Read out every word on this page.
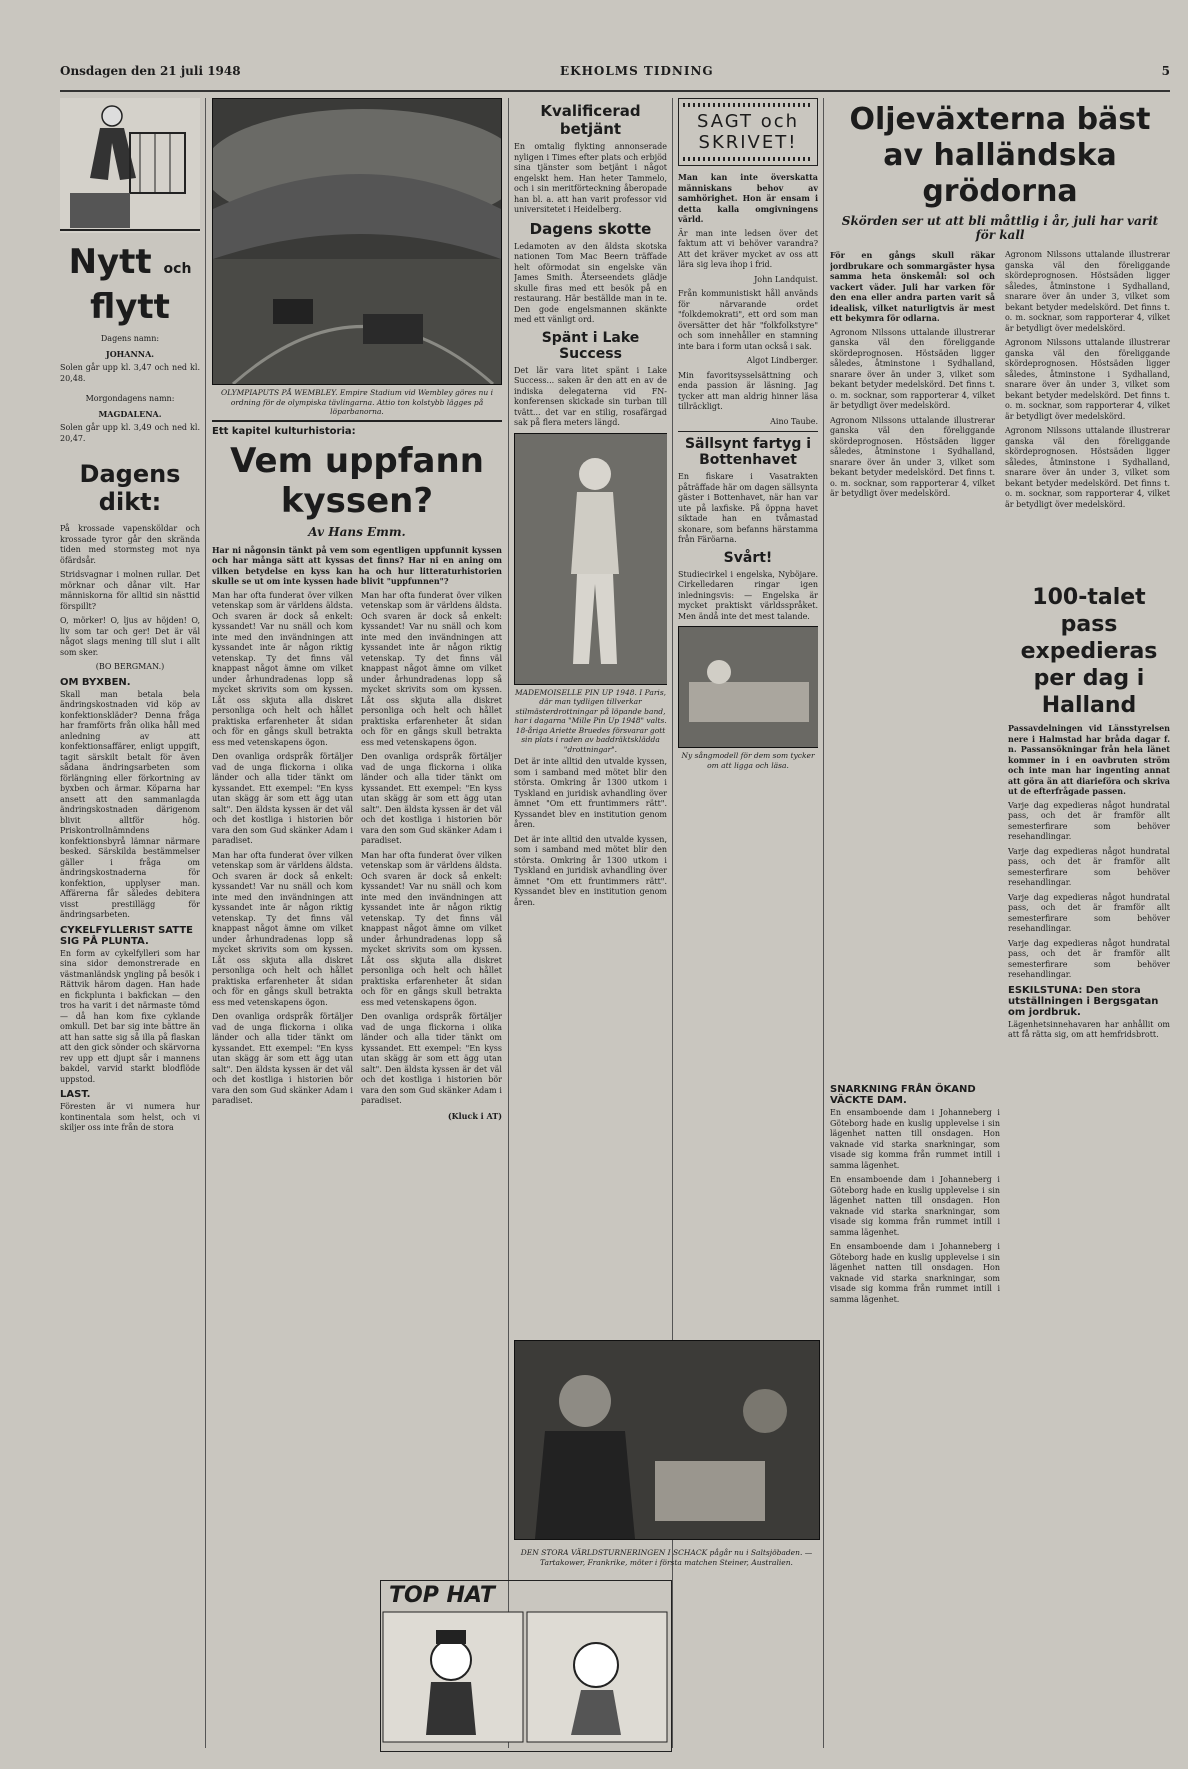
Onsdagen den 21 juli 1948	EKHOLMS TIDNING	5
Nytt och flytt

Dagens namn:

JOHANNA.

Solen går upp kl. 3,47 och ned kl. 20,48.

Morgondagens namn:

MAGDALENA.

Solen går upp kl. 3,49 och ned kl. 20,47.

Dagens dikt:

På krossade vapensköldar och krossade tyror går den skrända tiden med stormsteg mot nya öfärdsår.

Stridsvagnar i molnen rullar. Det mörknar och dånar vilt. Har människorna för alltid sin nästtid förspillt?

O, mörker! O, ljus av höjden! O, liv som tar och ger! Det är väl något slags mening till slut i allt som sker.

(BO BERGMAN.)

OM BYXBEN.

Skall man betala bela ändringskostnaden vid köp av konfektionskläder? Denna fråga har framförts från olika håll med anledning av att konfektionsaffärer, enligt uppgift, tagit särskilt betalt för även sådana ändringsarbeten som förlängning eller förkortning av byxben och ärmar. Köparna har ansett att den sammanlagda ändringskostnaden därigenom blivit alltför hög. Priskontrollnämndens konfektionsbyrå lämnar närmare besked. Särskilda bestämmelser gäller i fråga om ändringskostnaderna för konfektion, upplyser man. Affärerna får således debitera visst prestillägg för ändringsarbeten.

CYKELFYLLERIST SATTE SIG PÅ PLUNTA.

En form av cykelfylleri som har sina sidor demonstrerade en västmanländsk yngling på besök i Rättvik härom dagen. Han hade en fickplunta i bakfickan — den tros ha varit i det närmaste tömd — då han kom fixe cyklande omkull. Det bar sig inte bättre än att han satte sig så illa på flaskan att den gick sönder och skärvorna rev upp ett djupt sår i mannens bakdel, varvid starkt blodflöde uppstod.

LAST.

Föresten är vi numera hur kontinentala som helst, och vi skiljer oss inte från de stora

OLYMPIAPUTS PÅ WEMBLEY. Empire Stadium vid Wembley göres nu i ordning för de olympiska tävlingarna. Attio ton kolstybb lägges på löparbanorna.

Ett kapitel kulturhistoria:
Vem uppfann kyssen?
Av Hans Emm.

Har ni någonsin tänkt på vem som egentligen uppfunnit kyssen och har många sätt att kyssas det finns? Har ni en aning om vilken betydelse en kyss kan ha och hur litteraturhistorien skulle se ut om inte kyssen hade blivit "uppfunnen"?

Man har ofta funderat över vilken vetenskap som är världens äldsta. Och svaren är dock så enkelt: kyssandet! Var nu snäll och kom inte med den invändningen att kyssandet inte är någon riktig vetenskap. Ty det finns väl knappast något ämne om vilket under århundradenas lopp så mycket skrivits som om kyssen. Låt oss skjuta alla diskret personliga och helt och hållet praktiska erfarenheter åt sidan och för en gångs skull betrakta ess med vetenskapens ögon.

Den ovanliga ordspråk förtäljer vad de unga flickorna i olika länder och alla tider tänkt om kyssandet. Ett exempel: "En kyss utan skägg är som ett ägg utan salt". Den äldsta kyssen är det väl och det kostliga i historien bör vara den som Gud skänker Adam i paradiset.

Man har ofta funderat över vilken vetenskap som är världens äldsta. Och svaren är dock så enkelt: kyssandet! Var nu snäll och kom inte med den invändningen att kyssandet inte är någon riktig vetenskap. Ty det finns väl knappast något ämne om vilket under århundradenas lopp så mycket skrivits som om kyssen. Låt oss skjuta alla diskret personliga och helt och hållet praktiska erfarenheter åt sidan och för en gångs skull betrakta ess med vetenskapens ögon.

Den ovanliga ordspråk förtäljer vad de unga flickorna i olika länder och alla tider tänkt om kyssandet. Ett exempel: "En kyss utan skägg är som ett ägg utan salt". Den äldsta kyssen är det väl och det kostliga i historien bör vara den som Gud skänker Adam i paradiset.

Man har ofta funderat över vilken vetenskap som är världens äldsta. Och svaren är dock så enkelt: kyssandet! Var nu snäll och kom inte med den invändningen att kyssandet inte är någon riktig vetenskap. Ty det finns väl knappast något ämne om vilket under århundradenas lopp så mycket skrivits som om kyssen. Låt oss skjuta alla diskret personliga och helt och hållet praktiska erfarenheter åt sidan och för en gångs skull betrakta ess med vetenskapens ögon.

Den ovanliga ordspråk förtäljer vad de unga flickorna i olika länder och alla tider tänkt om kyssandet. Ett exempel: "En kyss utan skägg är som ett ägg utan salt". Den äldsta kyssen är det väl och det kostliga i historien bör vara den som Gud skänker Adam i paradiset.

Man har ofta funderat över vilken vetenskap som är världens äldsta. Och svaren är dock så enkelt: kyssandet! Var nu snäll och kom inte med den invändningen att kyssandet inte är någon riktig vetenskap. Ty det finns väl knappast något ämne om vilket under århundradenas lopp så mycket skrivits som om kyssen. Låt oss skjuta alla diskret personliga och helt och hållet praktiska erfarenheter åt sidan och för en gångs skull betrakta ess med vetenskapens ögon.

Den ovanliga ordspråk förtäljer vad de unga flickorna i olika länder och alla tider tänkt om kyssandet. Ett exempel: "En kyss utan skägg är som ett ägg utan salt". Den äldsta kyssen är det väl och det kostliga i historien bör vara den som Gud skänker Adam i paradiset.

(Kluck i AT)

TOP HAT
Kvalificerad betjänt

En omtalig flykting annonserade nyligen i Times efter plats och erbjöd sina tjänster som betjänt i något engelskt hem. Han heter Tammelo, och i sin meritförteckning åberopade han bl. a. att han varit professor vid universitetet i Heidelberg.

Dagens skotte

Ledamoten av den äldsta skotska nationen Tom Mac Beern träffade helt oförmodat sin engelske vän James Smith. Återseendets glädje skulle firas med ett besök på en restaurang. Här beställde man in te. Den gode engelsmannen skänkte med ett vänligt ord.

Spänt i Lake Success

Det lär vara litet spänt i Lake Success... saken är den att en av de indiska delegaterna vid FN-konferensen skickade sin turban till tvätt... det var en stilig, rosafärgad sak på flera meters längd.

MADEMOISELLE PIN UP 1948. I Paris, där man tydligen tillverkar stilmästerdrottningar på löpande band, har i dagarna "Mille Pin Up 1948" valts. 18-åriga Ariette Bruedes försvarar gott sin plats i raden av baddräktsklädda "drottningar".

Det är inte alltid den utvalde kyssen, som i samband med mötet blir den största. Omkring år 1300 utkom i Tyskland en juridisk avhandling över ämnet "Om ett fruntimmers rätt". Kyssandet blev en institution genom åren.

Det är inte alltid den utvalde kyssen, som i samband med mötet blir den största. Omkring år 1300 utkom i Tyskland en juridisk avhandling över ämnet "Om ett fruntimmers rätt". Kyssandet blev en institution genom åren.

DEN STORA VÄRLDSTURNERINGEN I SCHACK pågår nu i Saltsjöbaden. — Tartakower, Frankrike, möter i första matchen Steiner, Australien.

SAGT och
SKRIVET!

Man kan inte överskatta människans behov av samhörighet. Hon är ensam i detta kalla omgivningens värld.

Är man inte ledsen över det faktum att vi behöver varandra? Att det kräver mycket av oss att lära sig leva ihop i frid.

John Landquist.

Från kommunistiskt håll används för närvarande ordet "folkdemokrati", ett ord som man översätter det här "folkfolkstyre" och som innehåller en stamning inte bara i form utan också i sak.

Algot Lindberger.

Min favoritsysselsättning och enda passion är läsning. Jag tycker att man aldrig hinner läsa tillräckligt.

Aino Taube.

Sällsynt fartyg i Bottenhavet

En fiskare i Vasatrakten påträffade här om dagen sällsynta gäster i Bottenhavet, när han var ute på laxfiske. På öppna havet siktade han en tvåmastad skonare, som befanns härstamma från Färöarna.

Svårt!

Studiecirkel i engelska, Nyböjare. Cirkelledaren ringar igen inledningsvis: — Engelska är mycket praktiskt världsspråket. Men ändå inte det mest talande.

Ny sångmodell för dem som tycker om att ligga och läsa.

Oljeväxterna bäst av halländska grödorna
Skörden ser ut att bli måttlig i år, juli har varit för kall

För en gångs skull räkar jordbrukare och sommargäster hysa samma heta önskemål: sol och vackert väder. Juli har varken för den ena eller andra parten varit så idealisk, vilket naturligtvis är mest ett bekymra för odlarna.

Agronom Nilssons uttalande illustrerar ganska väl den föreliggande skördeprognosen. Höstsäden ligger således, åtminstone i Sydhalland, snarare över än under 3, vilket som bekant betyder medelskörd. Det finns t. o. m. socknar, som rapporterar 4, vilket är betydligt över medelskörd.

Agronom Nilssons uttalande illustrerar ganska väl den föreliggande skördeprognosen. Höstsäden ligger således, åtminstone i Sydhalland, snarare över än under 3, vilket som bekant betyder medelskörd. Det finns t. o. m. socknar, som rapporterar 4, vilket är betydligt över medelskörd.

Agronom Nilssons uttalande illustrerar ganska väl den föreliggande skördeprognosen. Höstsäden ligger således, åtminstone i Sydhalland, snarare över än under 3, vilket som bekant betyder medelskörd. Det finns t. o. m. socknar, som rapporterar 4, vilket är betydligt över medelskörd.

Agronom Nilssons uttalande illustrerar ganska väl den föreliggande skördeprognosen. Höstsäden ligger således, åtminstone i Sydhalland, snarare över än under 3, vilket som bekant betyder medelskörd. Det finns t. o. m. socknar, som rapporterar 4, vilket är betydligt över medelskörd.

Agronom Nilssons uttalande illustrerar ganska väl den föreliggande skördeprognosen. Höstsäden ligger således, åtminstone i Sydhalland, snarare över än under 3, vilket som bekant betyder medelskörd. Det finns t. o. m. socknar, som rapporterar 4, vilket är betydligt över medelskörd.

100-talet pass expedieras per dag i Halland

Passavdelningen vid Länsstyrelsen nere i Halmstad har bråda dagar f. n. Passansökningar från hela länet kommer in i en oavbruten ström och inte man har ingenting annat att göra än att diarieföra och skriva ut de efterfrågade passen.

Varje dag expedieras något hundratal pass, och det är framför allt semesterfirare som behöver resehandlingar.

Varje dag expedieras något hundratal pass, och det är framför allt semesterfirare som behöver resehandlingar.

Varje dag expedieras något hundratal pass, och det är framför allt semesterfirare som behöver resehandlingar.

Varje dag expedieras något hundratal pass, och det är framför allt semesterfirare som behöver resehandlingar.

ESKILSTUNA: Den stora utställningen i Bergsgatan om jordbruk.

Lägenhetsinnehavaren har anhållit om att få rätta sig, om att hemfridsbrott.

SNARKNING FRÅN ÖKAND VÄCKTE DAM.

En ensamboende dam i Johanneberg i Göteborg hade en kuslig upplevelse i sin lägenhet natten till onsdagen. Hon vaknade vid starka snarkningar, som visade sig komma från rummet intill i samma lägenhet.

En ensamboende dam i Johanneberg i Göteborg hade en kuslig upplevelse i sin lägenhet natten till onsdagen. Hon vaknade vid starka snarkningar, som visade sig komma från rummet intill i samma lägenhet.

En ensamboende dam i Johanneberg i Göteborg hade en kuslig upplevelse i sin lägenhet natten till onsdagen. Hon vaknade vid starka snarkningar, som visade sig komma från rummet intill i samma lägenhet.
